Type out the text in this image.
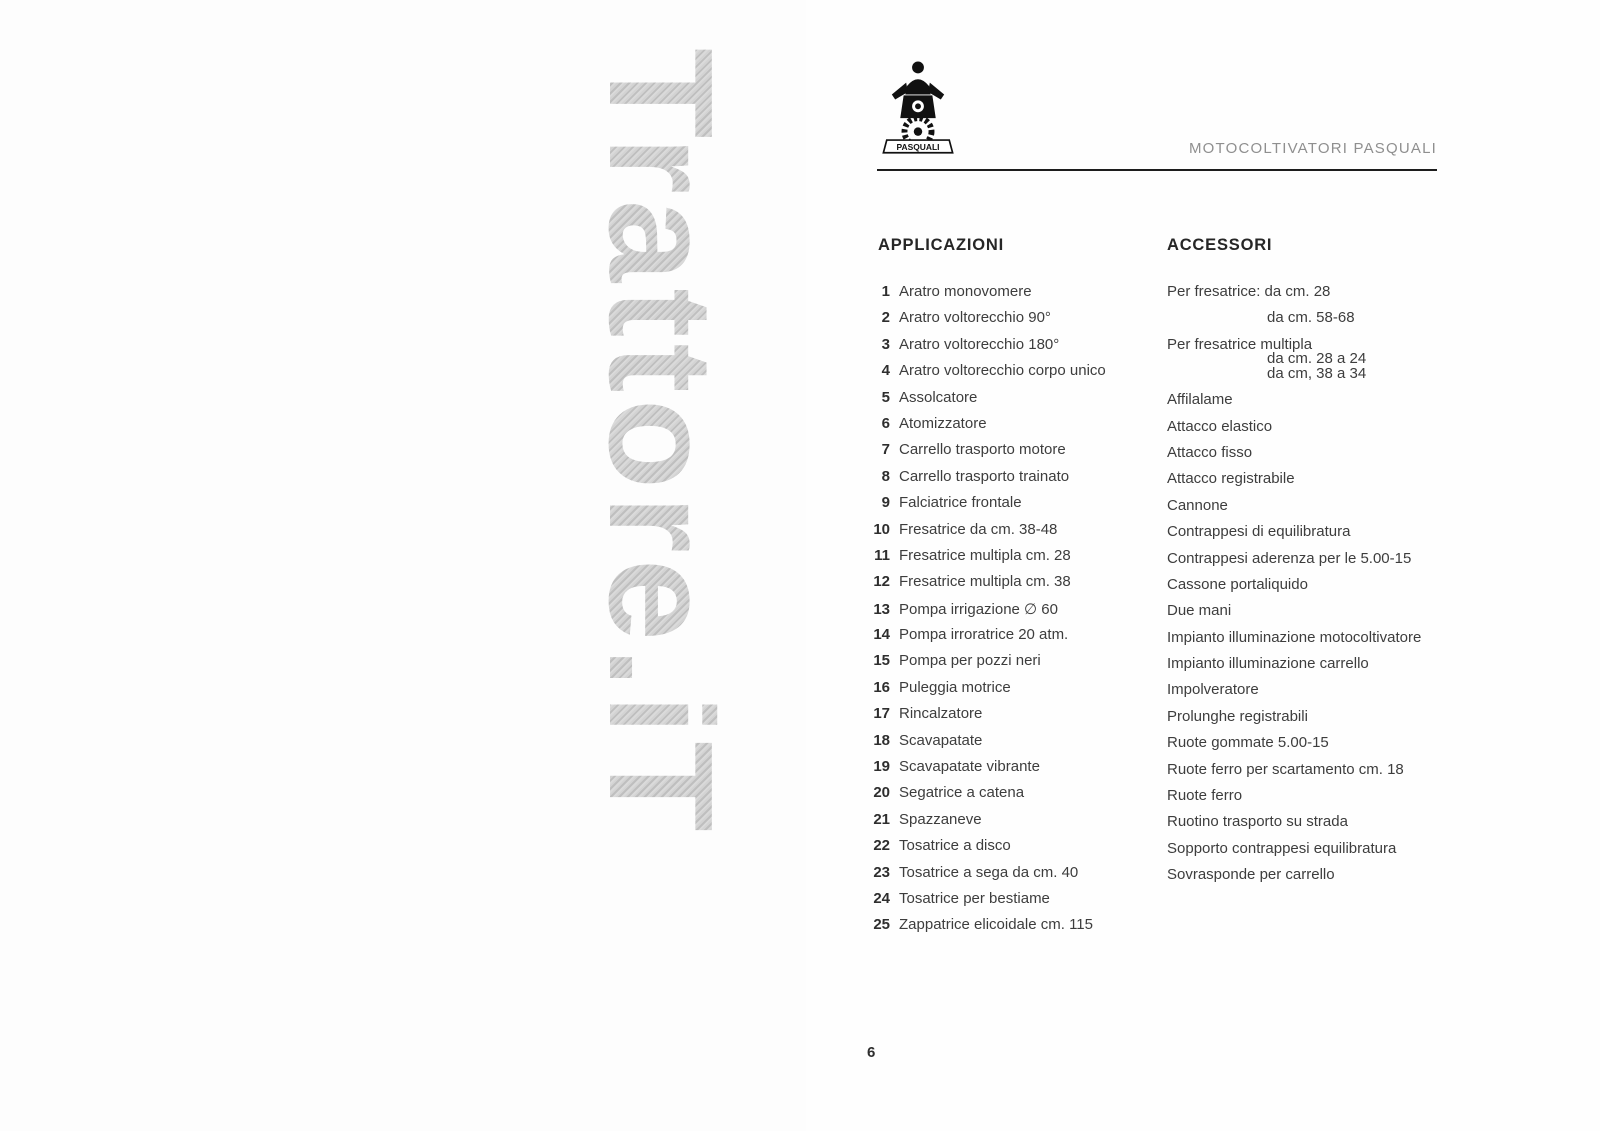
Trattore.iT	PASQUALI	MOTOCOLTIVATORI PASQUALI
APPLICAZIONI	ACCESSORI
1 Aratro monovomere
2 Aratro voltorecchio 90°
3 Aratro voltorecchio 180°
4 Aratro voltorecchio corpo unico
5 Assolcatore
6 Atomizzatore
7 Carrello trasporto motore
8 Carrello trasporto trainato
9 Falciatrice frontale
10 Fresatrice da cm. 38-48
11 Fresatrice multipla cm. 28
12 Fresatrice multipla cm. 38
13 Pompa irrigazione ∅ 60
14 Pompa irroratrice 20 atm.
15 Pompa per pozzi neri
16 Puleggia motrice
17 Rincalzatore
18 Scavapatate
19 Scavapatate vibrante
20 Segatrice a catena
21 Spazzaneve
22 Tosatrice a disco
23 Tosatrice a sega da cm. 40
24 Tosatrice per bestiame
25 Zappatrice elicoidale cm. 115
Per fresatrice: da cm. 28
da cm. 58-68
Per fresatrice multipla
da cm. 28 a 24
da cm, 38 a 34
Affilalame
Attacco elastico
Attacco fisso
Attacco registrabile
Cannone
Contrappesi di equilibratura
Contrappesi aderenza per le 5.00-15
Cassone portaliquido
Due mani
Impianto illuminazione motocoltivatore
Impianto illuminazione carrello
Impolveratore
Prolunghe registrabili
Ruote gommate 5.00-15
Ruote ferro per scartamento cm. 18
Ruote ferro
Ruotino trasporto su strada
Sopporto contrappesi equilibratura
Sovrasponde per carrello
6
